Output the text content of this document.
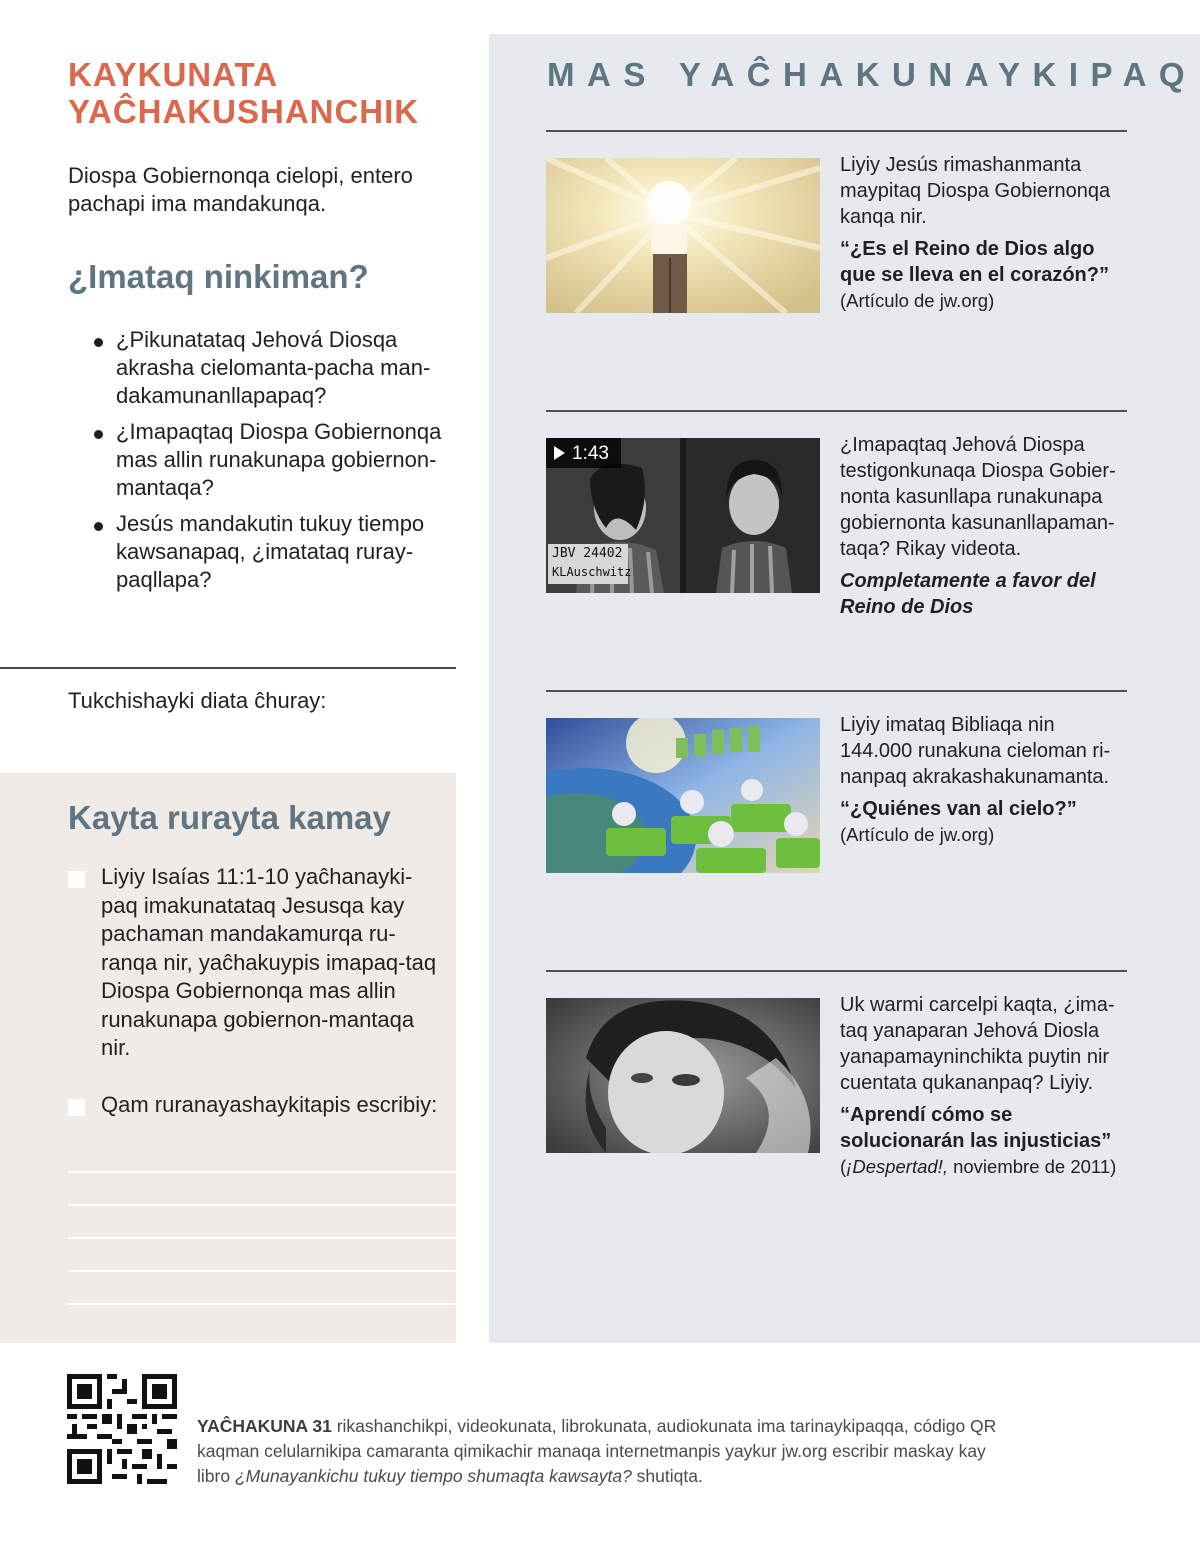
KAYKUNATA YAĈHAKUSHANCHIK

Diospa Gobiernonqa cielopi, entero pachapi ima mandakunqa.

¿Imataq ninkiman?
¿Pikunatataq Jehová Diosqa akrasha cielomanta-pacha man-dakamunanllapapaq?
¿Imapaqtaq Diospa Gobiernonqa mas allin runakunapa gobiernon-mantaqa?
Jesús mandakutin tukuy tiempo kawsanapaq, ¿imatataq ruray-paqllapa?

Tukchishayki diata ĉhuray:

Kayta rurayta kamay

Liyiy Isaías 11:1-10 yaĉhanayki-paq imakunatataq Jesusqa kay pachaman mandakamurqa ru-ranqa nir, yaĉhakuypis imapaq-taq Diospa Gobiernonqa mas allin runakunapa gobiernon-mantaqa nir.

Qam ruranayashaykitapis escribiy:

MAS YAĈHAKUNAYKIPAQ
Liyiy Jesús rimashanmanta maypitaq Diospa Gobiernonqa kanqa nir.
“¿Es el Reino de Dios algo que se lleva en el corazón?”
(Artículo de jw.org)
1:43
JBV 24402
KLAuschwitz
¿Imapaqtaq Jehová Diospa testigonkunaqa Diospa Gobier-nonta kasunllapa runakunapa gobiernonta kasunanllapaman-taqa? Rikay videota.
Completamente a favor del Reino de Dios
Liyiy imataq Bibliaqa nin 144.000 runakuna cieloman ri-nanpaq akrakashakunamanta.
“¿Quiénes van al cielo?”
(Artículo de jw.org)
Uk warmi carcelpi kaqta, ¿ima-taq yanaparan Jehová Diosla yanapamayninchikta puytin nir cuentata qukananpaq? Liyiy.
“Aprendí cómo se solucionarán las injusticias”
(¡Despertad!, noviembre de 2011)

YAĈHAKUNA 31 rikashanchikpi, videokunata, librokunata, audiokunata ima tarinaykipaqqa, código QR kaqman celularnikipa camaranta qimikachir manaqa internetmanpis yaykur jw.org escribir maskay kay libro ¿Munayankichu tukuy tiempo shumaqta kawsayta? shutiqta.
